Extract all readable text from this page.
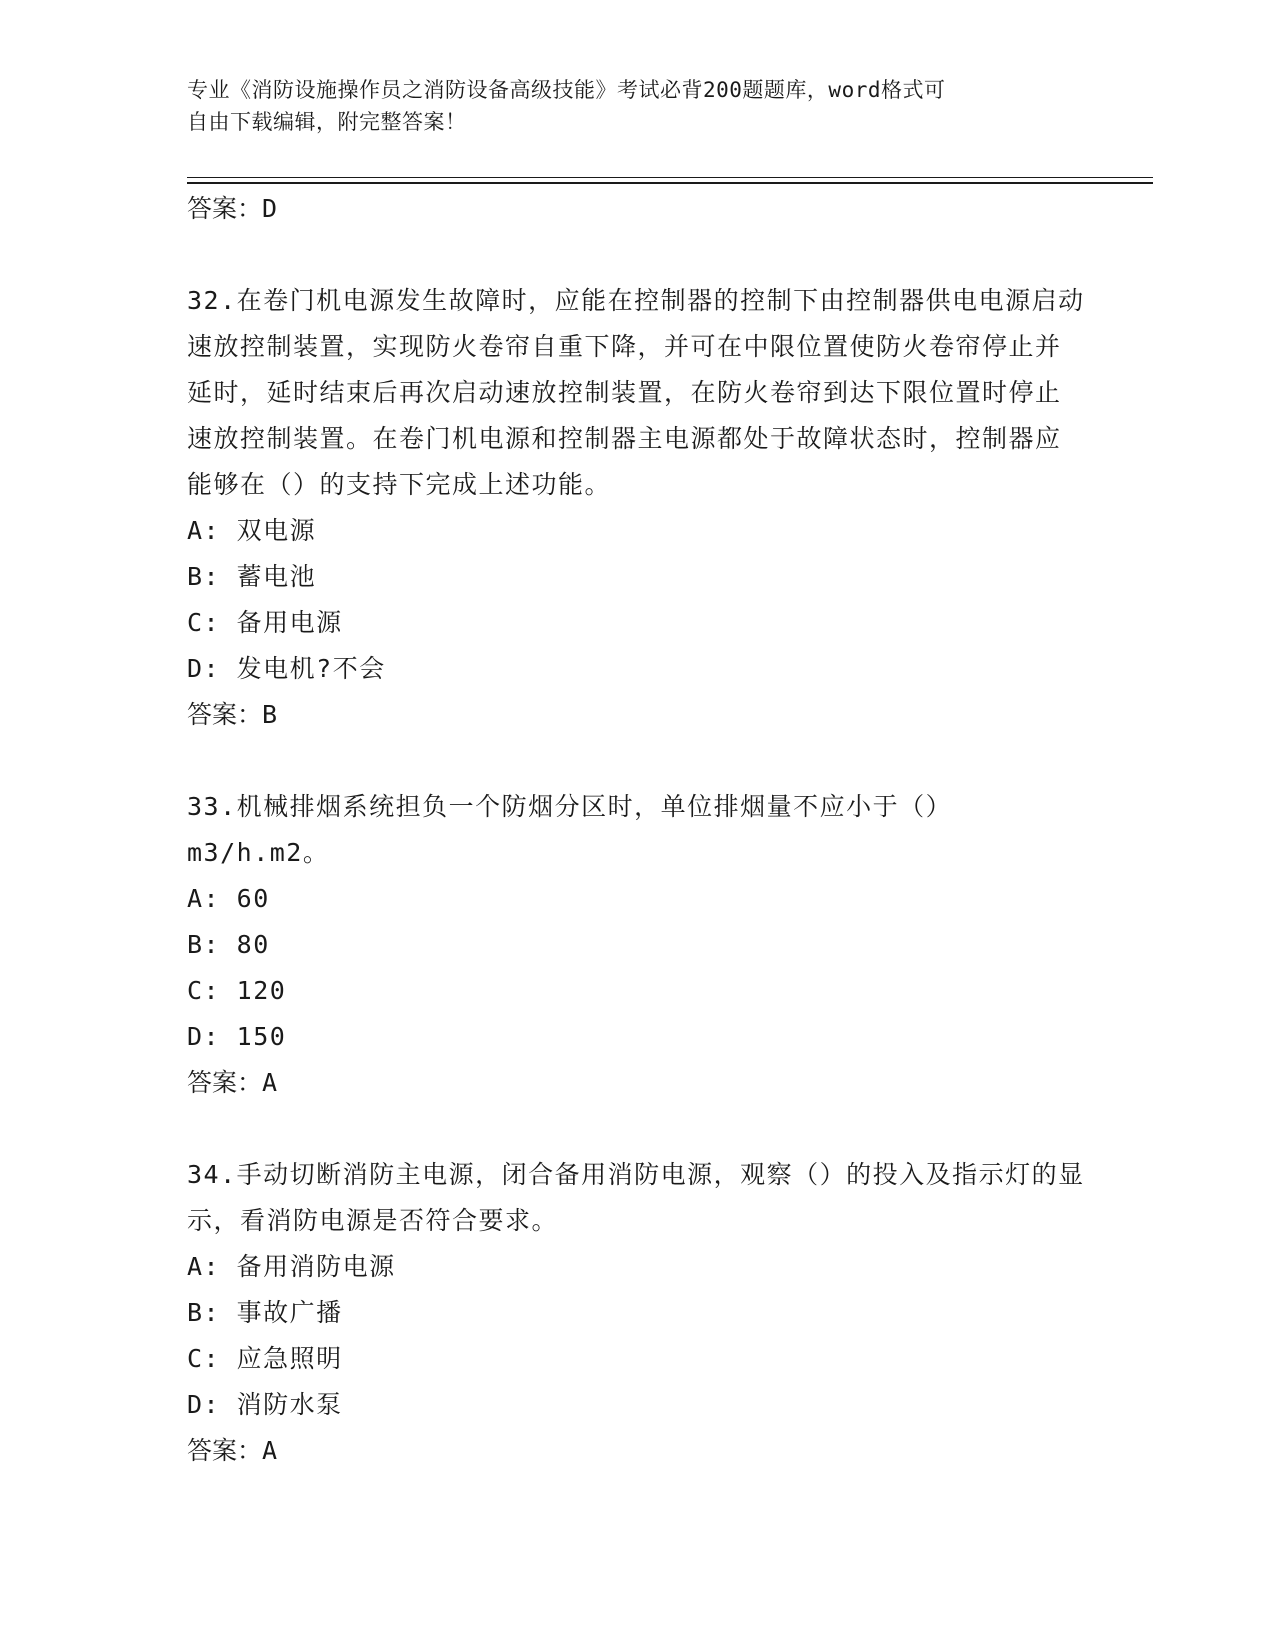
专业《消防设施操作员之消防设备高级技能》考试必背200题题库，word格式可
自由下载编辑，附完整答案！

答案：D

32.在卷门机电源发生故障时，应能在控制器的控制下由控制器供电电源启动速放控制装置，实现防火卷帘自重下降，并可在中限位置使防火卷帘停止并延时，延时结束后再次启动速放控制装置，在防火卷帘到达下限位置时停止速放控制装置。在卷门机电源和控制器主电源都处于故障状态时，控制器应能够在（）的支持下完成上述功能。

A: 双电源

B: 蓄电池

C: 备用电源

D: 发电机?不会

答案：B

33.机械排烟系统担负一个防烟分区时，单位排烟量不应小于（）m3/h.m2。

A: 60

B: 80

C: 120

D: 150

答案：A

34.手动切断消防主电源，闭合备用消防电源，观察（）的投入及指示灯的显示，看消防电源是否符合要求。

A: 备用消防电源

B: 事故广播

C: 应急照明

D: 消防水泵

答案：A
